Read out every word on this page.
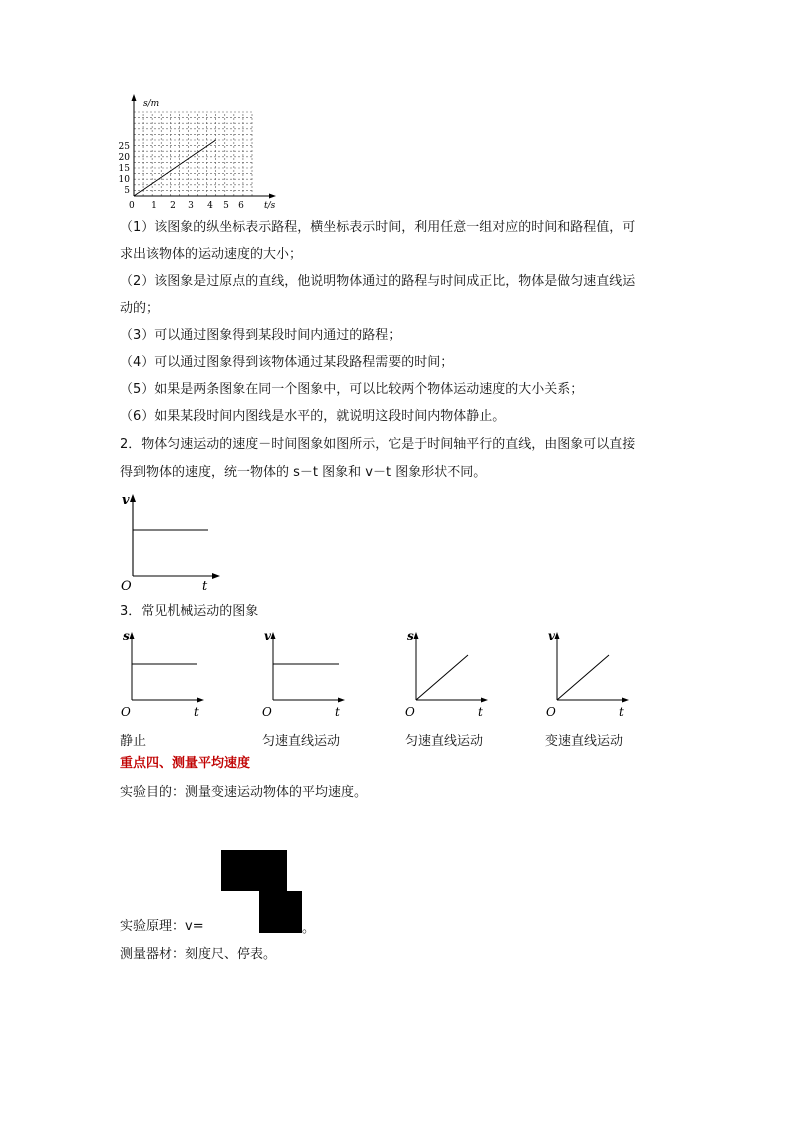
s/m
t/s
0
5
10
15
20
25
1 2 3 4 5 6
（1）该图象的纵坐标表示路程，横坐标表示时间，利用任意一组对应的时间和路程值，可
求出该物体的运动速度的大小；
（2）该图象是过原点的直线，他说明物体通过的路程与时间成正比，物体是做匀速直线运
动的；
（3）可以通过图象得到某段时间内通过的路程；
（4）可以通过图象得到该物体通过某段路程需要的时间；
（5）如果是两条图象在同一个图象中，可以比较两个物体运动速度的大小关系；
（6）如果某段时间内图线是水平的，就说明这段时间内物体静止。
2．物体匀速运动的速度－时间图象如图所示，它是于时间轴平行的直线，由图象可以直接
得到物体的速度，统一物体的 s－t 图象和 v－t 图象形状不同。
v
t
O
3．常见机械运动的图象
s
t
O
v
t
O
s
t
O
v
t
O
静止	匀速直线运动	匀速直线运动	变速直线运动
重点四、测量平均速度
实验目的：测量变速运动物体的平均速度。
实验原理：v=	。
测量器材：刻度尺、停表。
